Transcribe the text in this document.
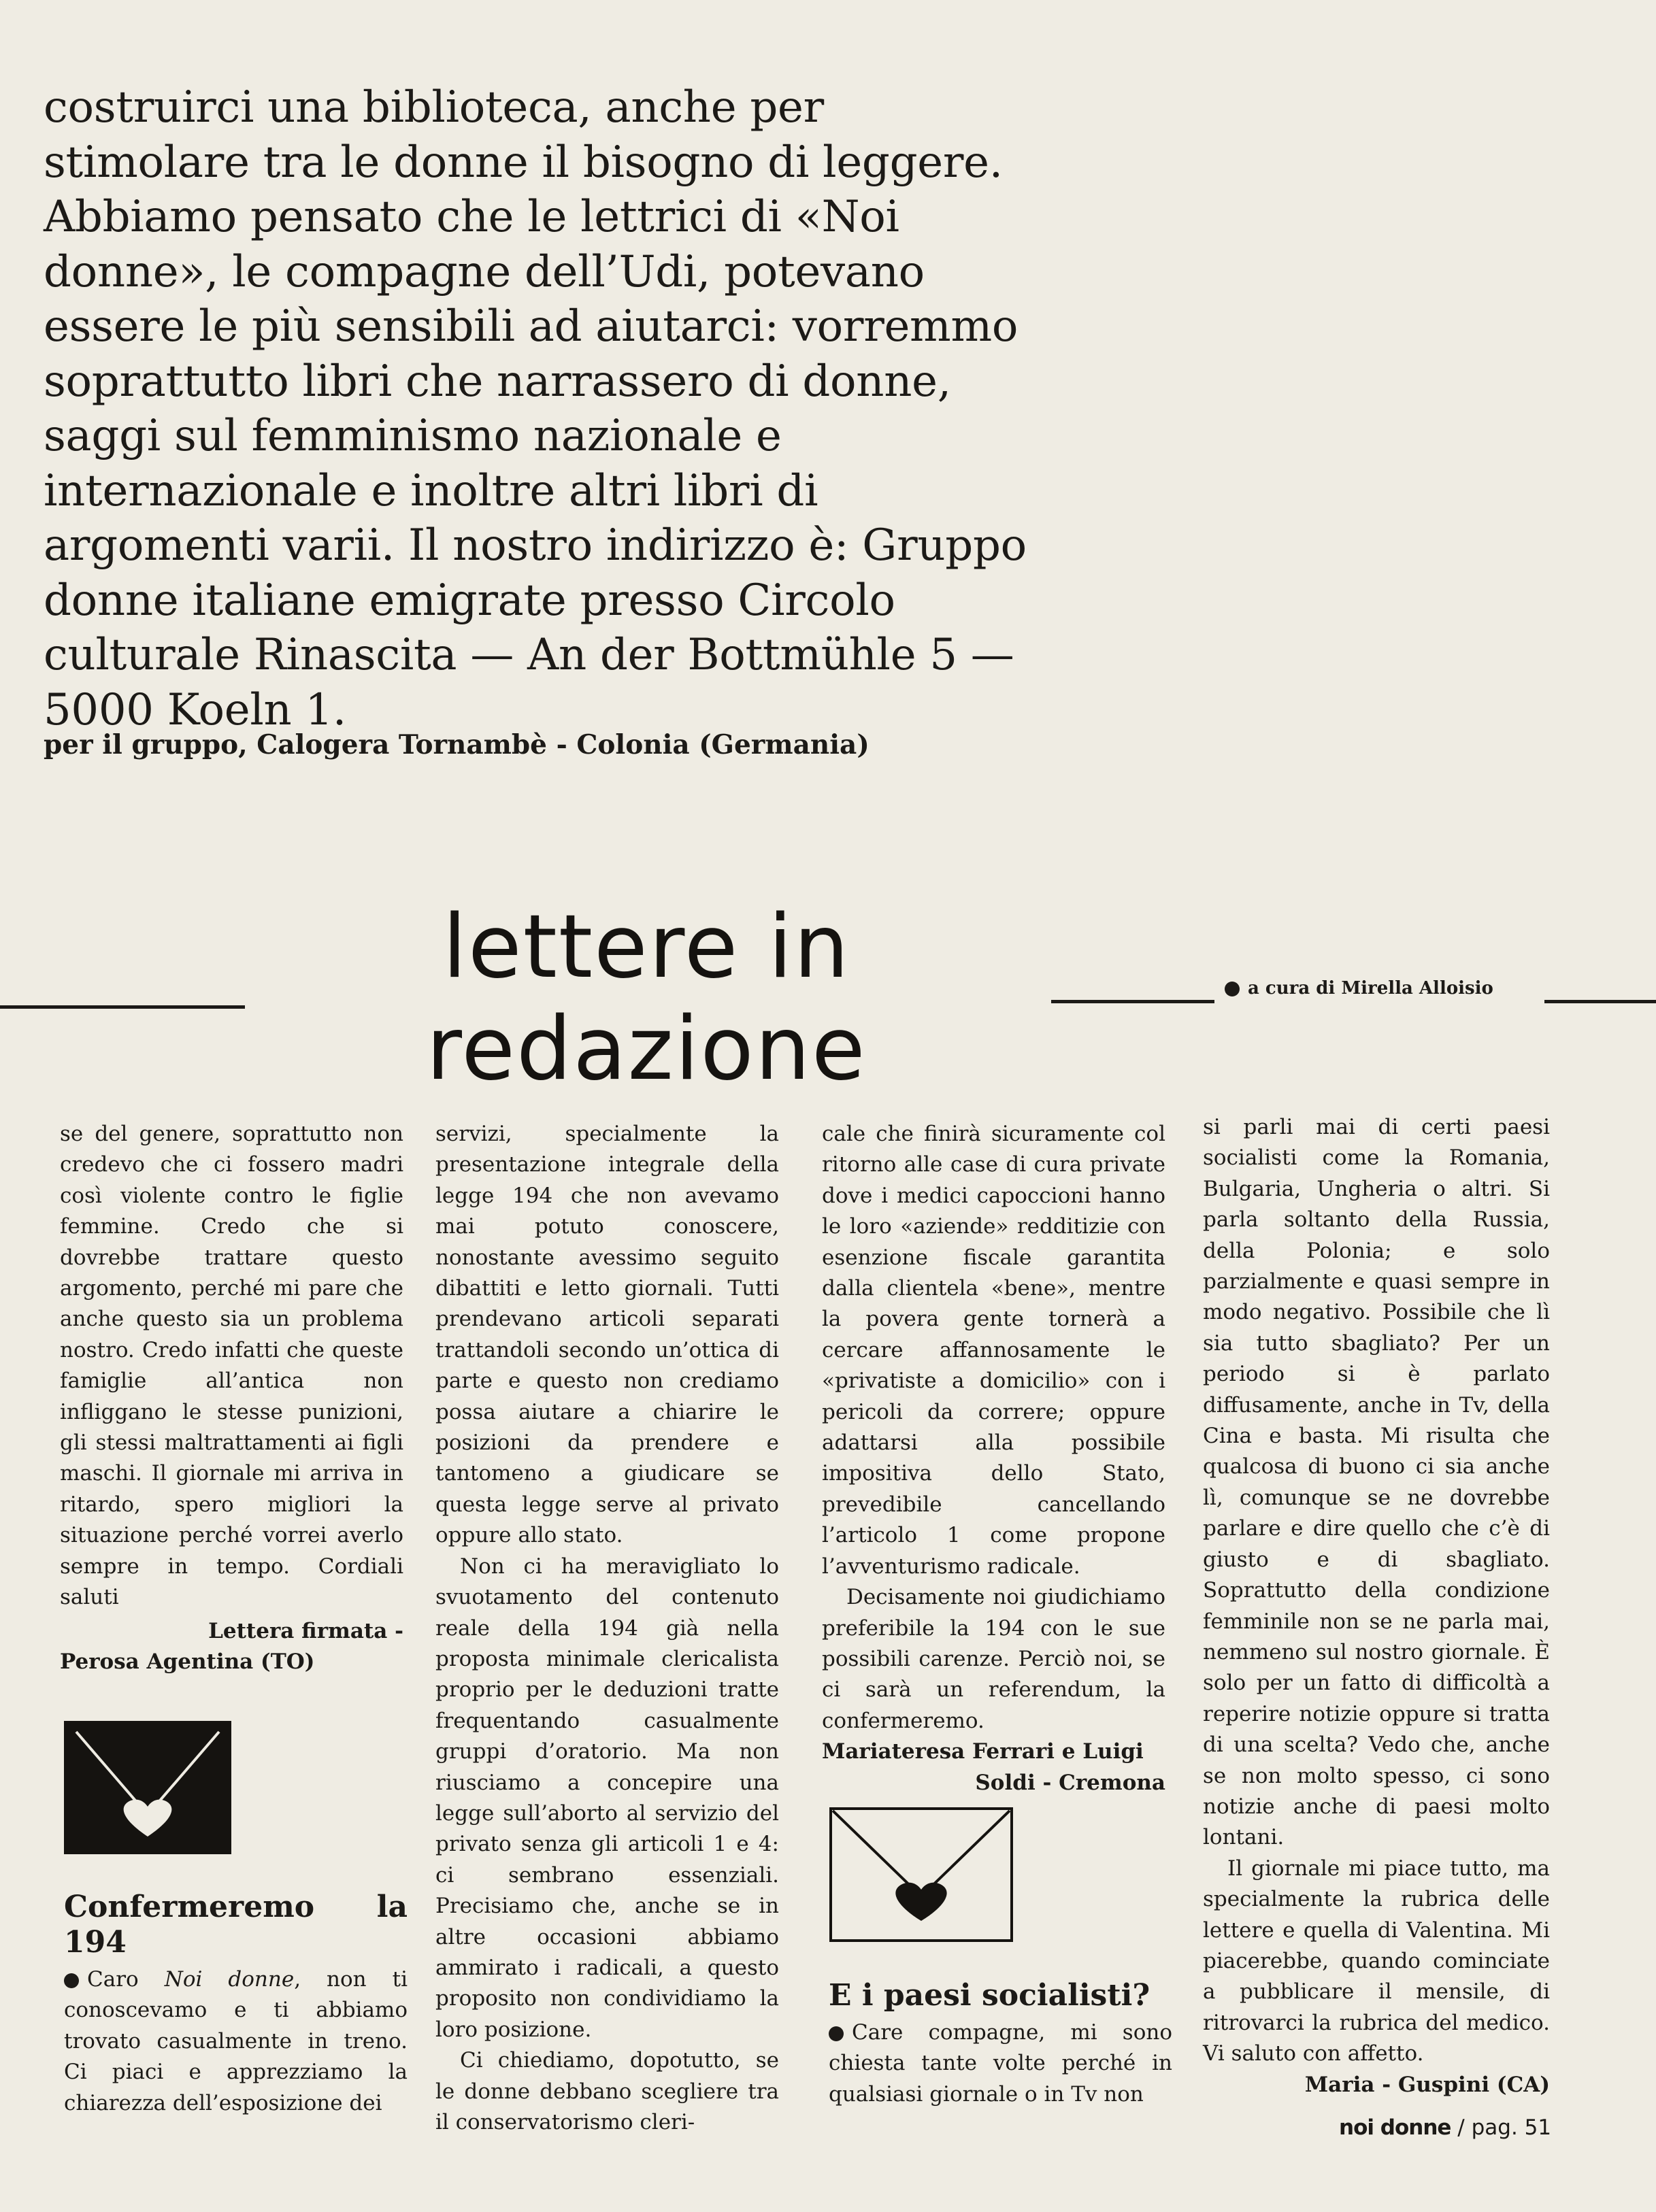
costruirci una biblioteca, anche per
stimolare tra le donne il bisogno di leggere.
Abbiamo pensato che le lettrici di «Noi
donne», le compagne dell’Udi, potevano
essere le più sensibili ad aiutarci: vorremmo
soprattutto libri che narrassero di donne,
saggi sul femminismo nazionale e
internazionale e inoltre altri libri di
argomenti varii. Il nostro indirizzo è: Gruppo
donne italiane emigrate presso Circolo
culturale Rinascita — An der Bottmühle 5 —
5000 Koeln 1.
per il gruppo, Calogera Tornambè - Colonia (Germania)
lettere in redazione
a cura di Mirella Alloisio

se del genere, soprattutto non credevo che ci fossero madri così violente contro le figlie femmine. Credo che si dovrebbe trattare questo argomento, perché mi pare che anche questo sia un problema nostro. Credo infatti che queste famiglie all’antica non infliggano le stesse punizioni, gli stessi maltrattamenti ai figli maschi. Il giornale mi arriva in ritardo, spero migliori la situazione perché vorrei averlo sempre in tempo. Cordiali saluti

Lettera firmata -

Perosa Agentina (TO)

Confermeremo la 194

Caro Noi donne, non ti conoscevamo e ti abbiamo trovato casualmente in treno. Ci piaci e apprezziamo la chiarezza dell’esposizione dei

servizi, specialmente la presentazione integrale della legge 194 che non avevamo mai potuto conoscere, nonostante avessimo seguito dibattiti e letto giornali. Tutti prendevano articoli separati trattandoli secondo un’ottica di parte e questo non crediamo possa aiutare a chiarire le posizioni da prendere e tantomeno a giudicare se questa legge serve al privato oppure allo stato.

Non ci ha meravigliato lo svuotamento del contenuto reale della 194 già nella proposta minimale clericalista proprio per le deduzioni tratte frequentando casualmente gruppi d’oratorio. Ma non riusciamo a concepire una legge sull’aborto al servizio del privato senza gli articoli 1 e 4: ci sembrano essenziali. Precisiamo che, anche se in altre occasioni abbiamo ammirato i radicali, a questo proposito non condividiamo la loro posizione.

Ci chiediamo, dopotutto, se le donne debbano scegliere tra il conservatorismo cleri-

cale che finirà sicuramente col ritorno alle case di cura private dove i medici capoccioni hanno le loro «aziende» redditizie con esenzione fiscale garantita dalla clientela «bene», mentre la povera gente tornerà a cercare affannosamente le «privatiste a domicilio» con i pericoli da correre; oppure adattarsi alla possibile impositiva dello Stato, prevedibile cancellando l’articolo 1 come propone l’avventurismo radicale.

Decisamente noi giudichiamo preferibile la 194 con le sue possibili carenze. Perciò noi, se ci sarà un referendum, la confermeremo.

Mariateresa Ferrari e Luigi

Soldi - Cremona

E i paesi socialisti?

Care compagne, mi sono chiesta tante volte perché in qualsiasi giornale o in Tv non

si parli mai di certi paesi socialisti come la Romania, Bulgaria, Ungheria o altri. Si parla soltanto della Russia, della Polonia; e solo parzialmente e quasi sempre in modo negativo. Possibile che lì sia tutto sbagliato? Per un periodo si è parlato diffusamente, anche in Tv, della Cina e basta. Mi risulta che qualcosa di buono ci sia anche lì, comunque se ne dovrebbe parlare e dire quello che c’è di giusto e di sbagliato. Soprattutto della condizione femminile non se ne parla mai, nemmeno sul nostro giornale. È solo per un fatto di difficoltà a reperire notizie oppure si tratta di una scelta? Vedo che, anche se non molto spesso, ci sono notizie anche di paesi molto lontani.

Il giornale mi piace tutto, ma specialmente la rubrica delle lettere e quella di Valentina. Mi piacerebbe, quando cominciate a pubblicare il mensile, di ritrovarci la rubrica del medico. Vi saluto con affetto.

Maria - Guspini (CA)

noi donne / pag. 51
